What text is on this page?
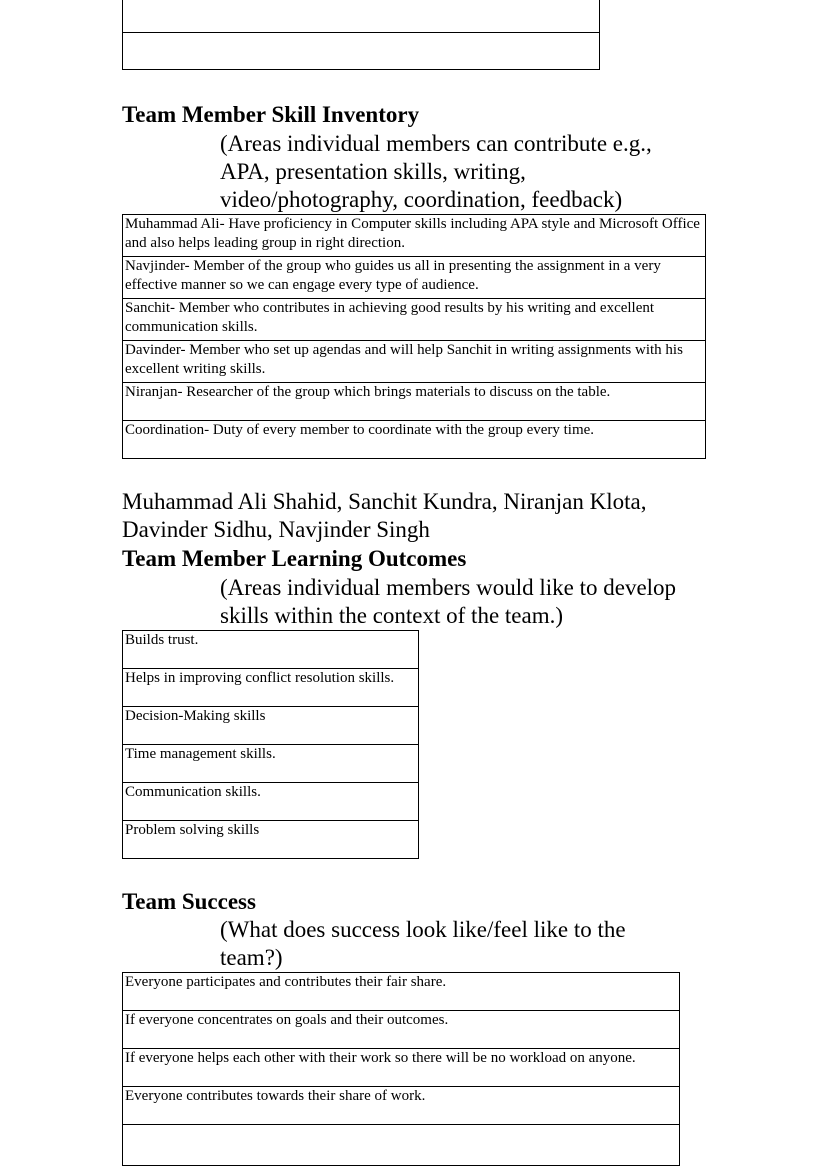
Team Member Skill Inventory
(Areas individual members can contribute e.g., APA, presentation skills, writing, video/photography, coordination, feedback)
Muhammad Ali- Have proficiency in Computer skills including APA style and Microsoft Office and also helps leading group in right direction.
Navjinder- Member of the group who guides us all in presenting the assignment in a very effective manner so we can engage every type of audience.
Sanchit- Member who contributes in achieving good results by his writing and excellent communication skills.
Davinder- Member who set up agendas and will help Sanchit in writing assignments with his excellent writing skills.
Niranjan- Researcher of the group which brings materials to discuss on the table.
Coordination- Duty of every member to coordinate with the group every time.
Muhammad Ali Shahid, Sanchit Kundra, Niranjan Klota, Davinder Sidhu, Navjinder Singh
Team Member Learning Outcomes
(Areas individual members would like to develop skills within the context of the team.)
Builds trust.
Helps in improving conflict resolution skills.
Decision-Making skills
Time management skills.
Communication skills.
Problem solving skills
Team Success
(What does success look like/feel like to the team?)
Everyone participates and contributes their fair share.
If everyone concentrates on goals and their outcomes.
If everyone helps each other with their work so there will be no workload on anyone.
Everyone contributes towards their share of work.
